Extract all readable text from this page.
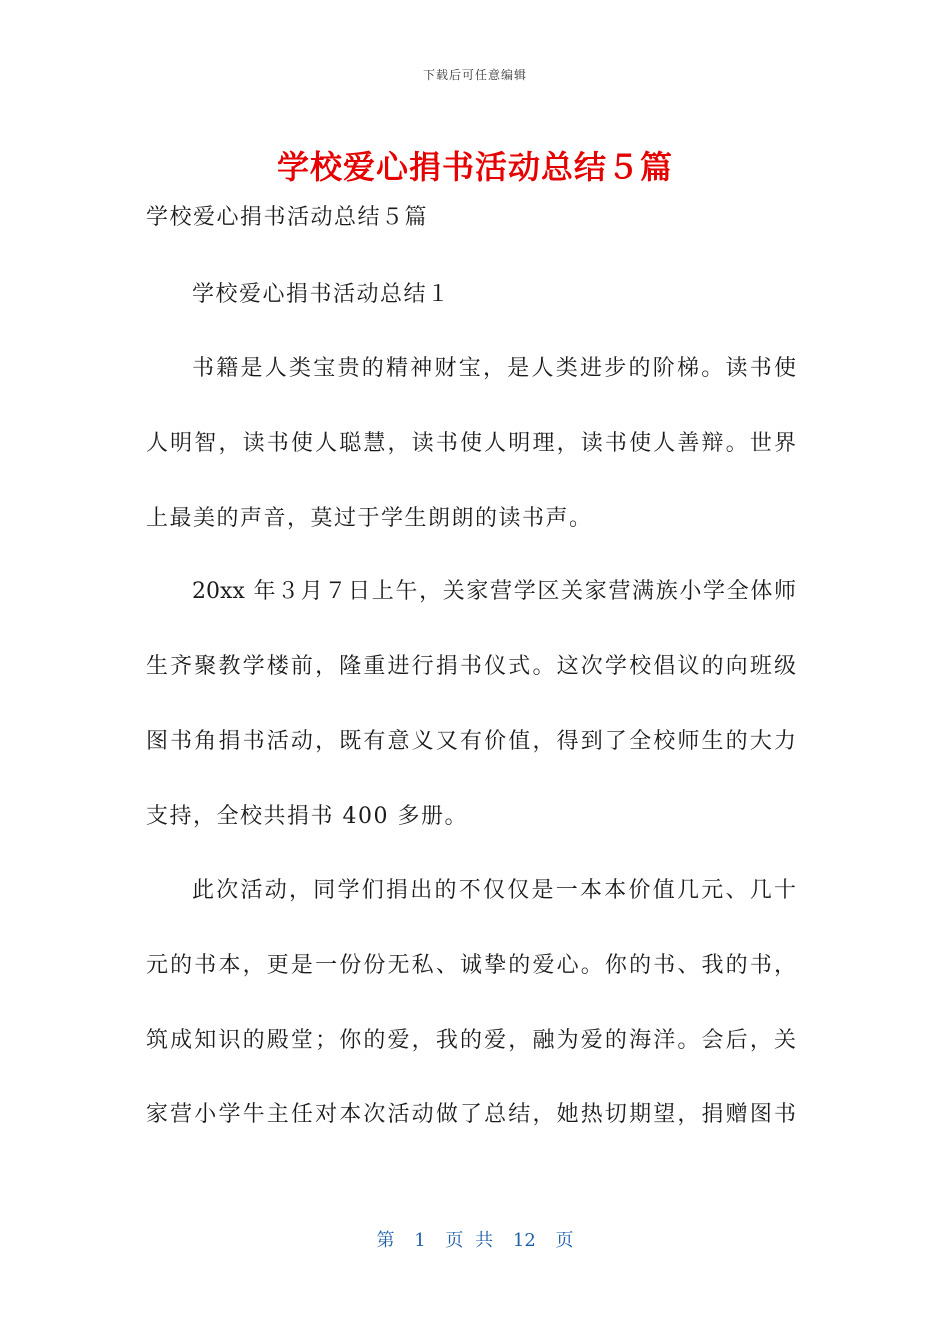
下载后可任意编辑
学校爱心捐书活动总结５篇
学校爱心捐书活动总结５篇
学校爱心捐书活动总结１
书籍是人类宝贵的精神财宝，是人类进步的阶梯。读书使
人明智，读书使人聪慧，读书使人明理，读书使人善辩。世界
上最美的声音，莫过于学生朗朗的读书声。
20xx 年３月７日上午，关家营学区关家营满族小学全体师
生齐聚教学楼前，隆重进行捐书仪式。这次学校倡议的向班级
图书角捐书活动，既有意义又有价值，得到了全校师生的大力
支持，全校共捐书 400 多册。
此次活动，同学们捐出的不仅仅是一本本价值几元、几十
元的书本，更是一份份无私、诚挚的爱心。你的书、我的书，
筑成知识的殿堂；你的爱，我的爱，融为爱的海洋。会后，关
家营小学牛主任对本次活动做了总结，她热切期望，捐赠图书
第 1 页 共 12 页
